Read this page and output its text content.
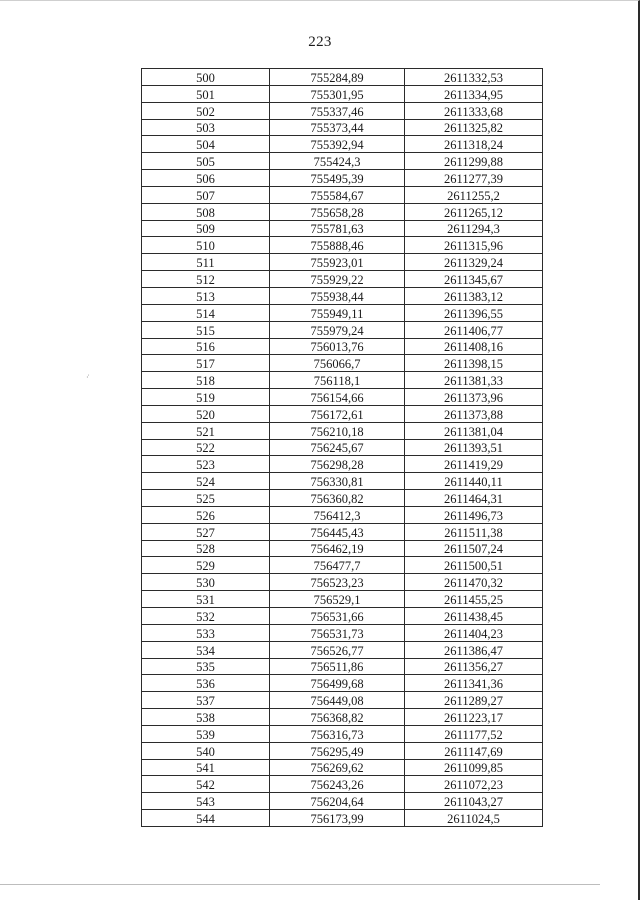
223
·̇
500	755284,89	2611332,53
501	755301,95	2611334,95
502	755337,46	2611333,68
503	755373,44	2611325,82
504	755392,94	2611318,24
505	755424,3	2611299,88
506	755495,39	2611277,39
507	755584,67	2611255,2
508	755658,28	2611265,12
509	755781,63	2611294,3
510	755888,46	2611315,96
511	755923,01	2611329,24
512	755929,22	2611345,67
513	755938,44	2611383,12
514	755949,11	2611396,55
515	755979,24	2611406,77
516	756013,76	2611408,16
517	756066,7	2611398,15
518	756118,1	2611381,33
519	756154,66	2611373,96
520	756172,61	2611373,88
521	756210,18	2611381,04
522	756245,67	2611393,51
523	756298,28	2611419,29
524	756330,81	2611440,11
525	756360,82	2611464,31
526	756412,3	2611496,73
527	756445,43	2611511,38
528	756462,19	2611507,24
529	756477,7	2611500,51
530	756523,23	2611470,32
531	756529,1	2611455,25
532	756531,66	2611438,45
533	756531,73	2611404,23
534	756526,77	2611386,47
535	756511,86	2611356,27
536	756499,68	2611341,36
537	756449,08	2611289,27
538	756368,82	2611223,17
539	756316,73	2611177,52
540	756295,49	2611147,69
541	756269,62	2611099,85
542	756243,26	2611072,23
543	756204,64	2611043,27
544	756173,99	2611024,5
